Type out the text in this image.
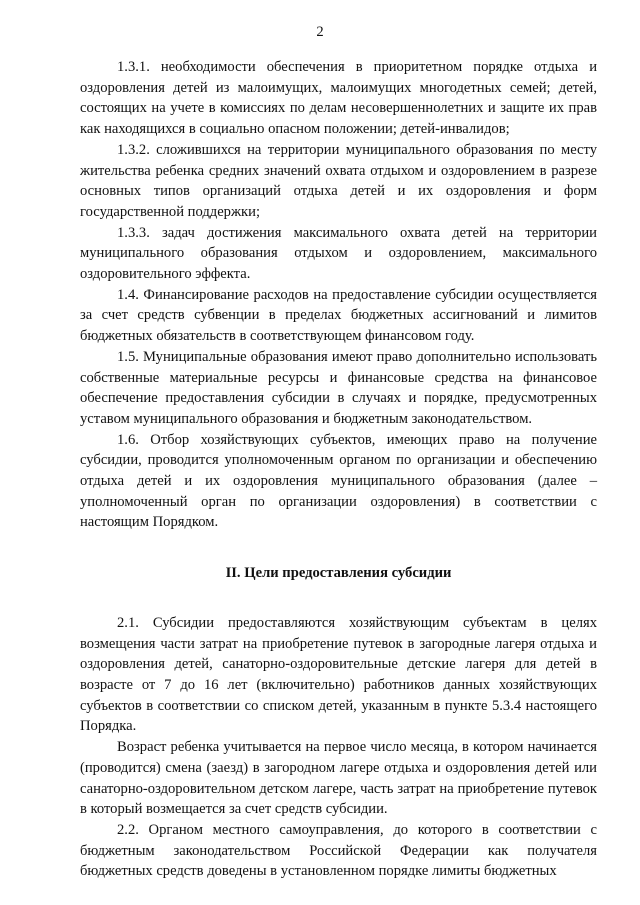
2

1.3.1. необходимости обеспечения в приоритетном порядке отдыха и оздоровления детей из малоимущих, малоимущих многодетных семей; детей, состоящих на учете в комиссиях по делам несовершеннолетних и защите их прав как находящихся в социально опасном положении; детей-инвалидов;

1.3.2. сложившихся на территории муниципального образования по месту жительства ребенка средних значений охвата отдыхом и оздоровлением в разрезе основных типов организаций отдыха детей и их оздоровления и форм государственной поддержки;

1.3.3. задач достижения максимального охвата детей на территории муниципального образования отдыхом и оздоровлением, максимального оздоровительного эффекта.

1.4. Финансирование расходов на предоставление субсидии осуществляется за счет средств субвенции в пределах бюджетных ассигнований и лимитов бюджетных обязательств в соответствующем финансовом году.

1.5. Муниципальные образования имеют право дополнительно использовать собственные материальные ресурсы и финансовые средства на финансовое обеспечение предоставления субсидии в случаях и порядке, предусмотренных уставом муниципального образования и бюджетным законодательством.

1.6. Отбор хозяйствующих субъектов, имеющих право на получение субсидии, проводится уполномоченным органом по организации и обеспечению отдыха детей и их оздоровления муниципального образования (далее – уполномоченный орган по организации оздоровления) в соответствии с настоящим Порядком.

II. Цели предоставления субсидии

2.1. Субсидии предоставляются хозяйствующим субъектам в целях возмещения части затрат на приобретение путевок в загородные лагеря отдыха и оздоровления детей, санаторно-оздоровительные детские лагеря для детей в возрасте от 7 до 16 лет (включительно) работников данных хозяйствующих субъектов в соответствии со списком детей, указанным в пункте 5.3.4 настоящего Порядка.

Возраст ребенка учитывается на первое число месяца, в котором начинается (проводится) смена (заезд) в загородном лагере отдыха и оздоровления детей или санаторно-оздоровительном детском лагере, часть затрат на приобретение путевок в который возмещается за счет средств субсидии.

2.2. Органом местного самоуправления, до которого в соответствии с бюджетным законодательством Российской Федерации как получателя бюджетных средств доведены в установленном порядке лимиты бюджетных
